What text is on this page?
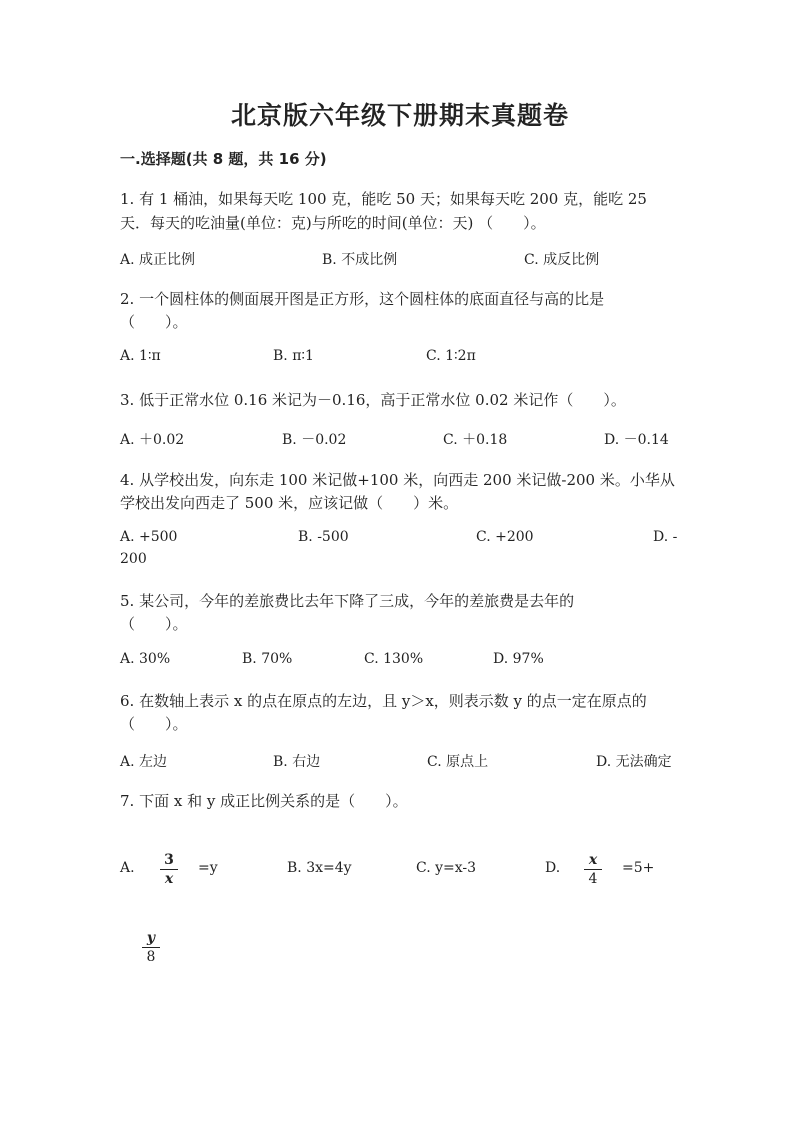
北京版六年级下册期末真题卷
一.选择题(共 8 题，共 16 分)
1. 有 1 桶油，如果每天吃 100 克，能吃 50 天；如果每天吃 200 克，能吃 25
天．每天的吃油量(单位：克)与所吃的时间(单位：天) （　　）。
A. 成正比例	B. 不成比例	C. 成反比例
2. 一个圆柱体的侧面展开图是正方形，这个圆柱体的底面直径与高的比是
（　　）。
A. 1∶π	B. π∶1	C. 1∶2π
3. 低于正常水位 0.16 米记为－0.16，高于正常水位 0.02 米记作（　　）。
A. ＋0.02	B. －0.02	C. ＋0.18	D. －0.14
4. 从学校出发，向东走 100 米记做+100 米，向西走 200 米记做-200 米。小华从
学校出发向西走了 500 米，应该记做（　　）米。
A. +500	B. -500	C. +200	D. -
200
5. 某公司，今年的差旅费比去年下降了三成，今年的差旅费是去年的
（　　）。
A. 30%	B. 70%	C. 130%	D. 97%
6. 在数轴上表示 x 的点在原点的左边，且 y＞x，则表示数 y 的点一定在原点的
（　　）。
A. 左边	B. 右边	C. 原点上	D. 无法确定
7. 下面 x 和 y 成正比例关系的是（　　）。
A. 3
x
=y	B. 3x=4y	C. y=x-3	D.	x
4
=5+
y
8
